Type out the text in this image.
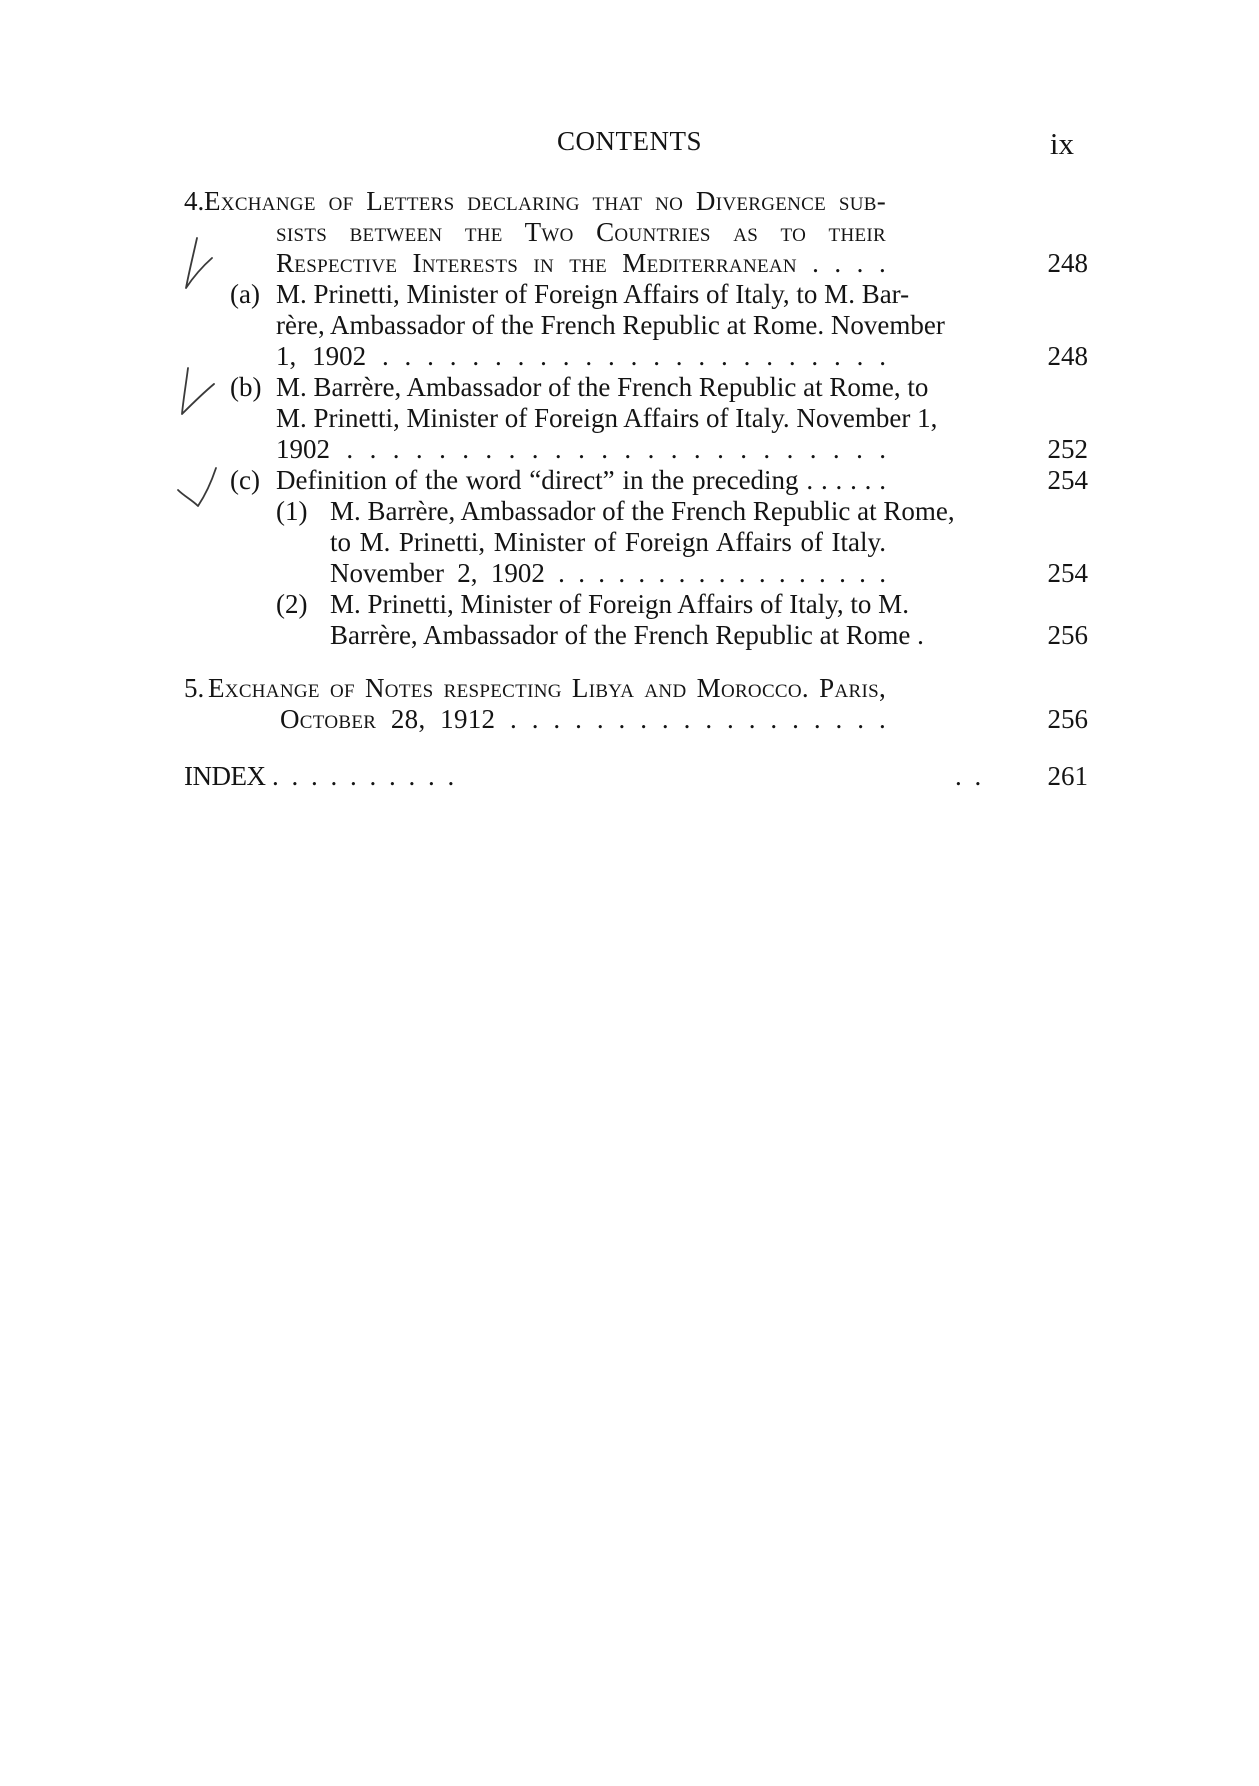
CONTENTS	ix
4. Exchange of Letters declaring that no Divergence sub-
sists between the Two Countries as to their
Respective Interests in the Mediterranean . . . .	248
(a) M. Prinetti, Minister of Foreign Affairs of Italy, to M. Bar-
rère, Ambassador of the French Republic at Rome. November
1, 1902 . . . . . . . . . . . . . . . . . . . . . . .	248
(b) M. Barrère, Ambassador of the French Republic at Rome, to
M. Prinetti, Minister of Foreign Affairs of Italy. November 1,
1902 . . . . . . . . . . . . . . . . . . . . . . . .	252
(c) Definition of the word “direct” in the preceding . . . . . .	254
(1) M. Barrère, Ambassador of the French Republic at Rome,
to M. Prinetti, Minister of Foreign Affairs of Italy.
November 2, 1902 . . . . . . . . . . . . . . . . .	254
(2) M. Prinetti, Minister of Foreign Affairs of Italy, to M.
Barrère, Ambassador of the French Republic at Rome .	256
5. Exchange of Notes respecting Libya and Morocco. Paris,
October 28, 1912 . . . . . . . . . . . . . . . . . .	256
INDEX . . . . . . . . . .	. .	261
